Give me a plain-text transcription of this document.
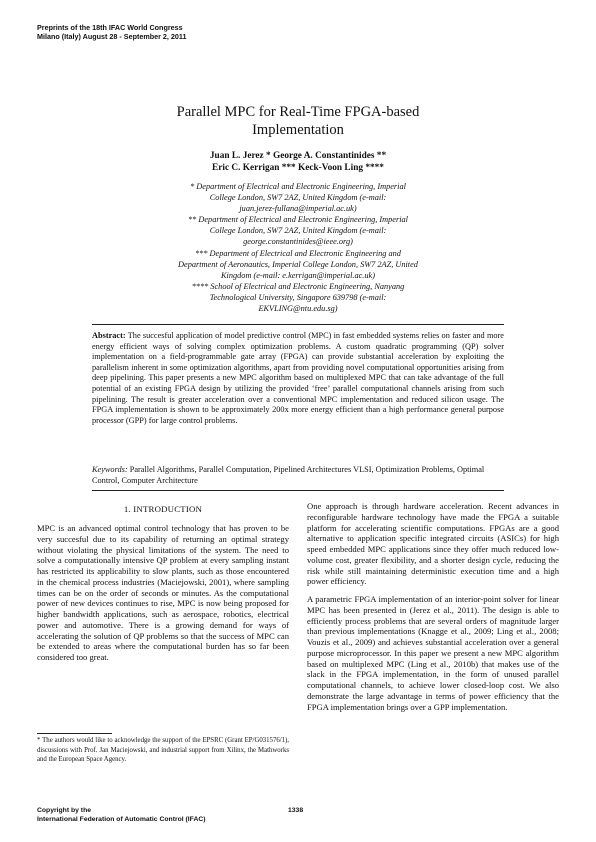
Preprints of the 18th IFAC World Congress
Milano (Italy) August 28 - September 2, 2011
Parallel MPC for Real-Time FPGA-based
Implementation
Juan L. Jerez * George A. Constantinides **
Eric C. Kerrigan *** Keck-Voon Ling ****
* Department of Electrical and Electronic Engineering, Imperial
College London, SW7 2AZ, United Kingdom (e-mail:
juan.jerez-fullana@imperial.ac.uk)
** Department of Electrical and Electronic Engineering, Imperial
College London, SW7 2AZ, United Kingdom (e-mail:
george.constantinides@ieee.org)
*** Department of Electrical and Electronic Engineering and
Department of Aeronautics, Imperial College London, SW7 2AZ, United
Kingdom (e-mail: e.kerrigan@imperial.ac.uk)
**** School of Electrical and Electronic Engineering, Nanyang
Technological University, Singapore 639798 (e-mail:
EKVLING@ntu.edu.sg)
Abstract: The succesful application of model predictive control (MPC) in fast embedded systems relies on faster and more energy efficient ways of solving complex optimization problems. A custom quadratic programming (QP) solver implementation on a field-programmable gate array (FPGA) can provide substantial acceleration by exploiting the parallelism inherent in some optimization algorithms, apart from providing novel computational opportunities arising from deep pipelining. This paper presents a new MPC algorithm based on multiplexed MPC that can take advantage of the full potential of an existing FPGA design by utilizing the provided ‘free’ parallel computational channels arising from such pipelining. The result is greater acceleration over a conventional MPC implementation and reduced silicon usage. The FPGA implementation is shown to be approximately 200x more energy efficient than a high performance general purpose processor (GPP) for large control problems.
Keywords: Parallel Algorithms, Parallel Computation, Pipelined Architectures VLSI, Optimization Problems, Optimal Control, Computer Architecture
1. INTRODUCTION

MPC is an advanced optimal control technology that has proven to be very succesful due to its capability of returning an optimal strategy without violating the physical limitations of the system. The need to solve a computationally intensive QP problem at every sampling instant has restricted its applicability to slow plants, such as those encountered in the chemical process industries (Maciejowski, 2001), where sampling times can be on the order of seconds or minutes. As the computational power of new devices continues to rise, MPC is now being proposed for higher bandwidth applications, such as aerospace, robotics, electrical power and automotive. There is a growing demand for ways of accelerating the solution of QP problems so that the success of MPC can be extended to areas where the computational burden has so far been considered too great.

One approach is through hardware acceleration. Recent advances in reconfigurable hardware technology have made the FPGA a suitable platform for accelerating scientific computations. FPGAs are a good alternative to application specific integrated circuits (ASICs) for high speed embedded MPC applications since they offer much reduced low-volume cost, greater flexibility, and a shorter design cycle, reducing the risk while still maintaining deterministic execution time and a high power efficiency.

A parametric FPGA implementation of an interior-point solver for linear MPC has been presented in (Jerez et al., 2011). The design is able to efficiently process problems that are several orders of magnitude larger than previous implementations (Knagge et al., 2009; Ling et al., 2008; Vouzis et al., 2009) and achieves substantial acceleration over a general purpose microprocessor. In this paper we present a new MPC algorithm based on multiplexed MPC (Ling et al., 2010b) that makes use of the slack in the FPGA implementation, in the form of unused parallel computational channels, to achieve lower closed-loop cost. We also demonstrate the large advantage in terms of power efficiency that the FPGA implementation brings over a GPP implementation.

* The authors would like to acknowledge the support of the EPSRC (Grant EP/G031576/1), discussions with Prof. Jan Maciejowski, and industrial support from Xilinx, the Mathworks and the European Space Agency.
Copyright by the
International Federation of Automatic Control (IFAC)
1338
